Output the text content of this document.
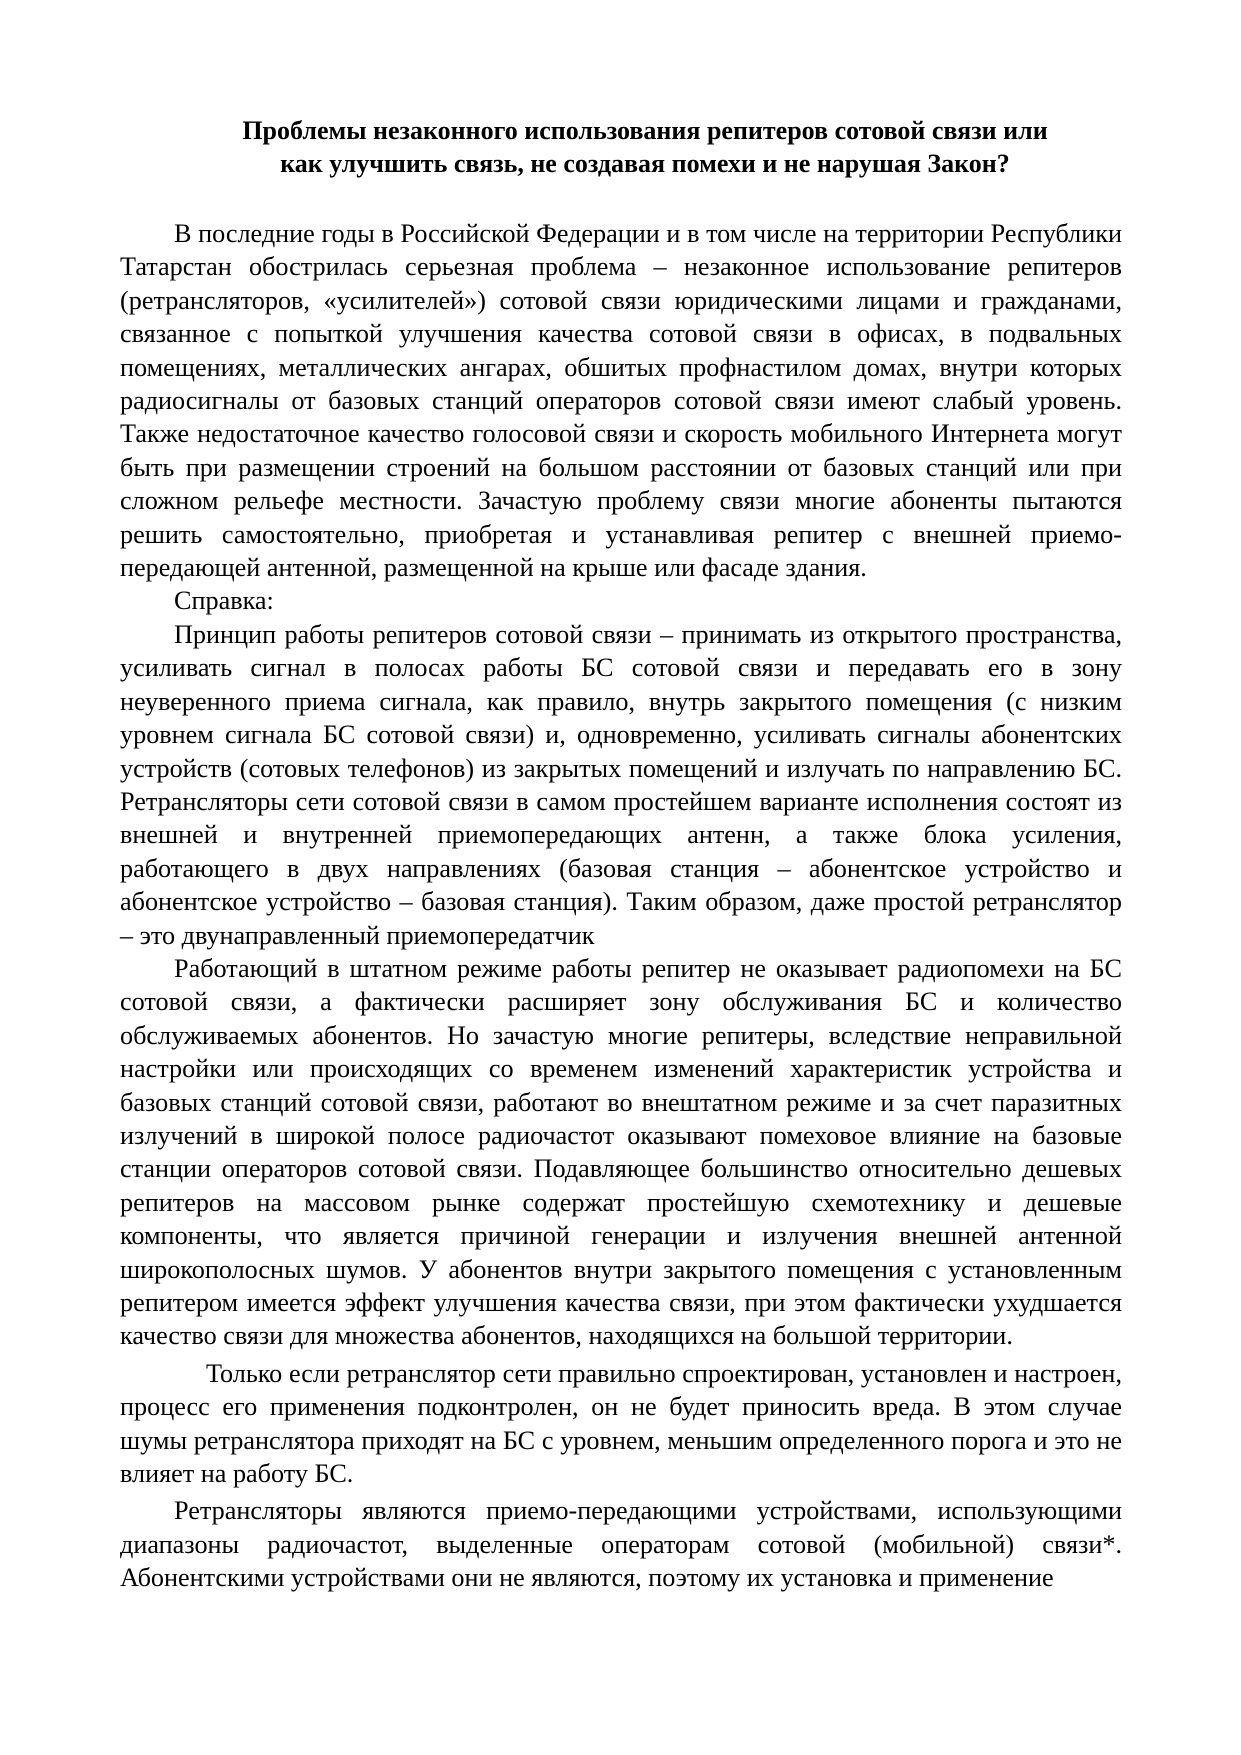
Проблемы незаконного использования репитеров сотовой связи или
как улучшить связь, не создавая помехи и не нарушая Закон?

В последние годы в Российской Федерации и в том числе на территории Республики Татарстан обострилась серьезная проблема – незаконное использование репитеров (ретрансляторов, «усилителей») сотовой связи юридическими лицами и гражданами, связанное с попыткой улучшения качества сотовой связи в офисах, в подвальных помещениях, металлических ангарах, обшитых профнастилом домах, внутри которых радиосигналы от базовых станций операторов сотовой связи имеют слабый уровень. Также недостаточное качество голосовой связи и скорость мобильного Интернета могут быть при размещении строений на большом расстоянии от базовых станций или при сложном рельефе местности. Зачастую проблему связи многие абоненты пытаются решить самостоятельно, приобретая и устанавливая репитер с внешней приемо-передающей антенной, размещенной на крыше или фасаде здания.

Справка:

Принцип работы репитеров сотовой связи – принимать из открытого пространства, усиливать сигнал в полосах работы БС сотовой связи и передавать его в зону неуверенного приема сигнала, как правило, внутрь закрытого помещения (с низким уровнем сигнала БС сотовой связи) и, одновременно, усиливать сигналы абонентских устройств (сотовых телефонов) из закрытых помещений и излучать по направлению БС. Ретрансляторы сети сотовой связи в самом простейшем варианте исполнения состоят из внешней и внутренней приемопередающих антенн, а также блока усиления, работающего в двух направлениях (базовая станция – абонентское устройство и абонентское устройство – базовая станция). Таким образом, даже простой ретранслятор – это двунаправленный приемопередатчик

Работающий в штатном режиме работы репитер не оказывает радиопомехи на БС сотовой связи, а фактически расширяет зону обслуживания БС и количество обслуживаемых абонентов. Но зачастую многие репитеры, вследствие неправильной настройки или происходящих со временем изменений характеристик устройства и базовых станций сотовой связи, работают во внештатном режиме и за счет паразитных излучений в широкой полосе радиочастот оказывают помеховое влияние на базовые станции операторов сотовой связи. Подавляющее большинство относительно дешевых репитеров на массовом рынке содержат простейшую схемотехнику и дешевые компоненты, что является причиной генерации и излучения внешней антенной широкополосных шумов. У абонентов внутри закрытого помещения с установленным репитером имеется эффект улучшения качества связи, при этом фактически ухудшается качество связи для множества абонентов, находящихся на большой территории.

Только если ретранслятор сети правильно спроектирован, установлен и настроен, процесс его применения подконтролен, он не будет приносить вреда. В этом случае шумы ретранслятора приходят на БС с уровнем, меньшим определенного порога и это не влияет на работу БС.

Ретрансляторы являются приемо-передающими устройствами, использующими диапазоны радиочастот, выделенные операторам сотовой (мобильной) связи*. Абонентскими устройствами они не являются, поэтому их установка и применение
